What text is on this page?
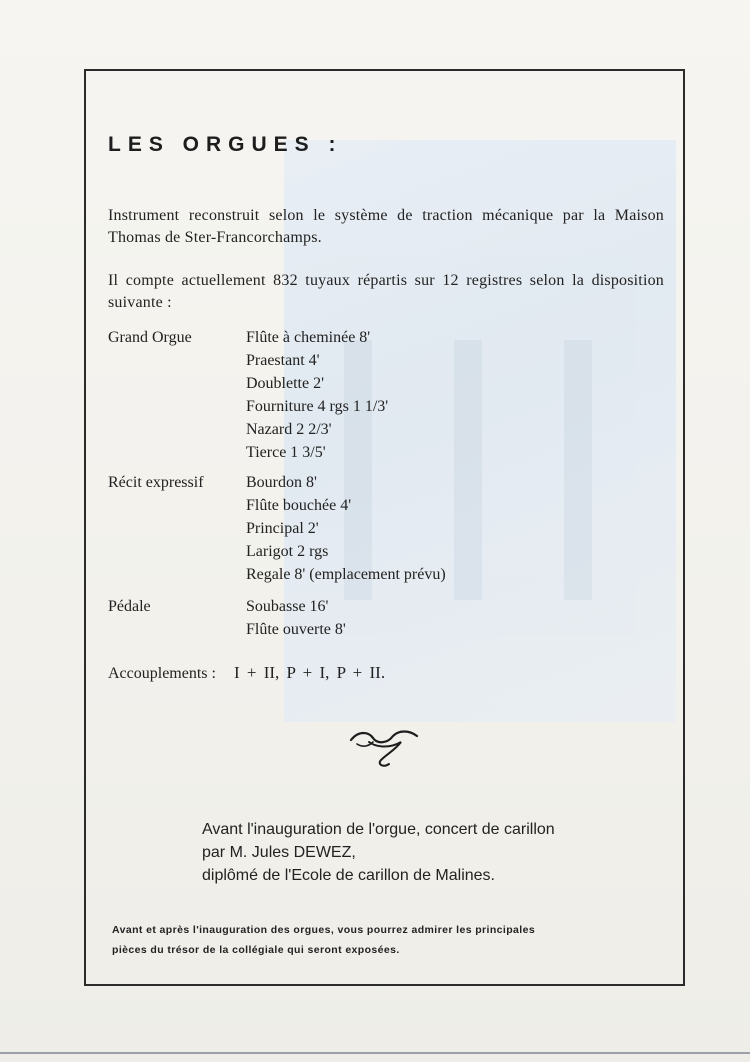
LES ORGUES :

Instrument reconstruit selon le système de traction mécanique par la Maison Thomas de Ster-Francorchamps.

Il compte actuellement 832 tuyaux répartis sur 12 registres selon la disposition suivante :

Grand Orgue	Flûte à cheminée 8'
Praestant 4'
Doublette 2'
Fourniture 4 rgs 1 1/3'
Nazard 2 2/3'
Tierce 1 3/5'
Récit expressif	Bourdon 8'
Flûte bouchée 4'
Principal 2'
Larigot 2 rgs
Regale 8' (emplacement prévu)
Pédale	Soubasse 16'
Flûte ouverte 8'
Accouplements : I + II, P + I, P + II.
Avant l'inauguration de l'orgue, concert de carillon
par M. Jules DEWEZ,
diplômé de l'Ecole de carillon de Malines.
Avant et après l'inauguration des orgues, vous pourrez admirer les principales
pièces du trésor de la collégiale qui seront exposées.
